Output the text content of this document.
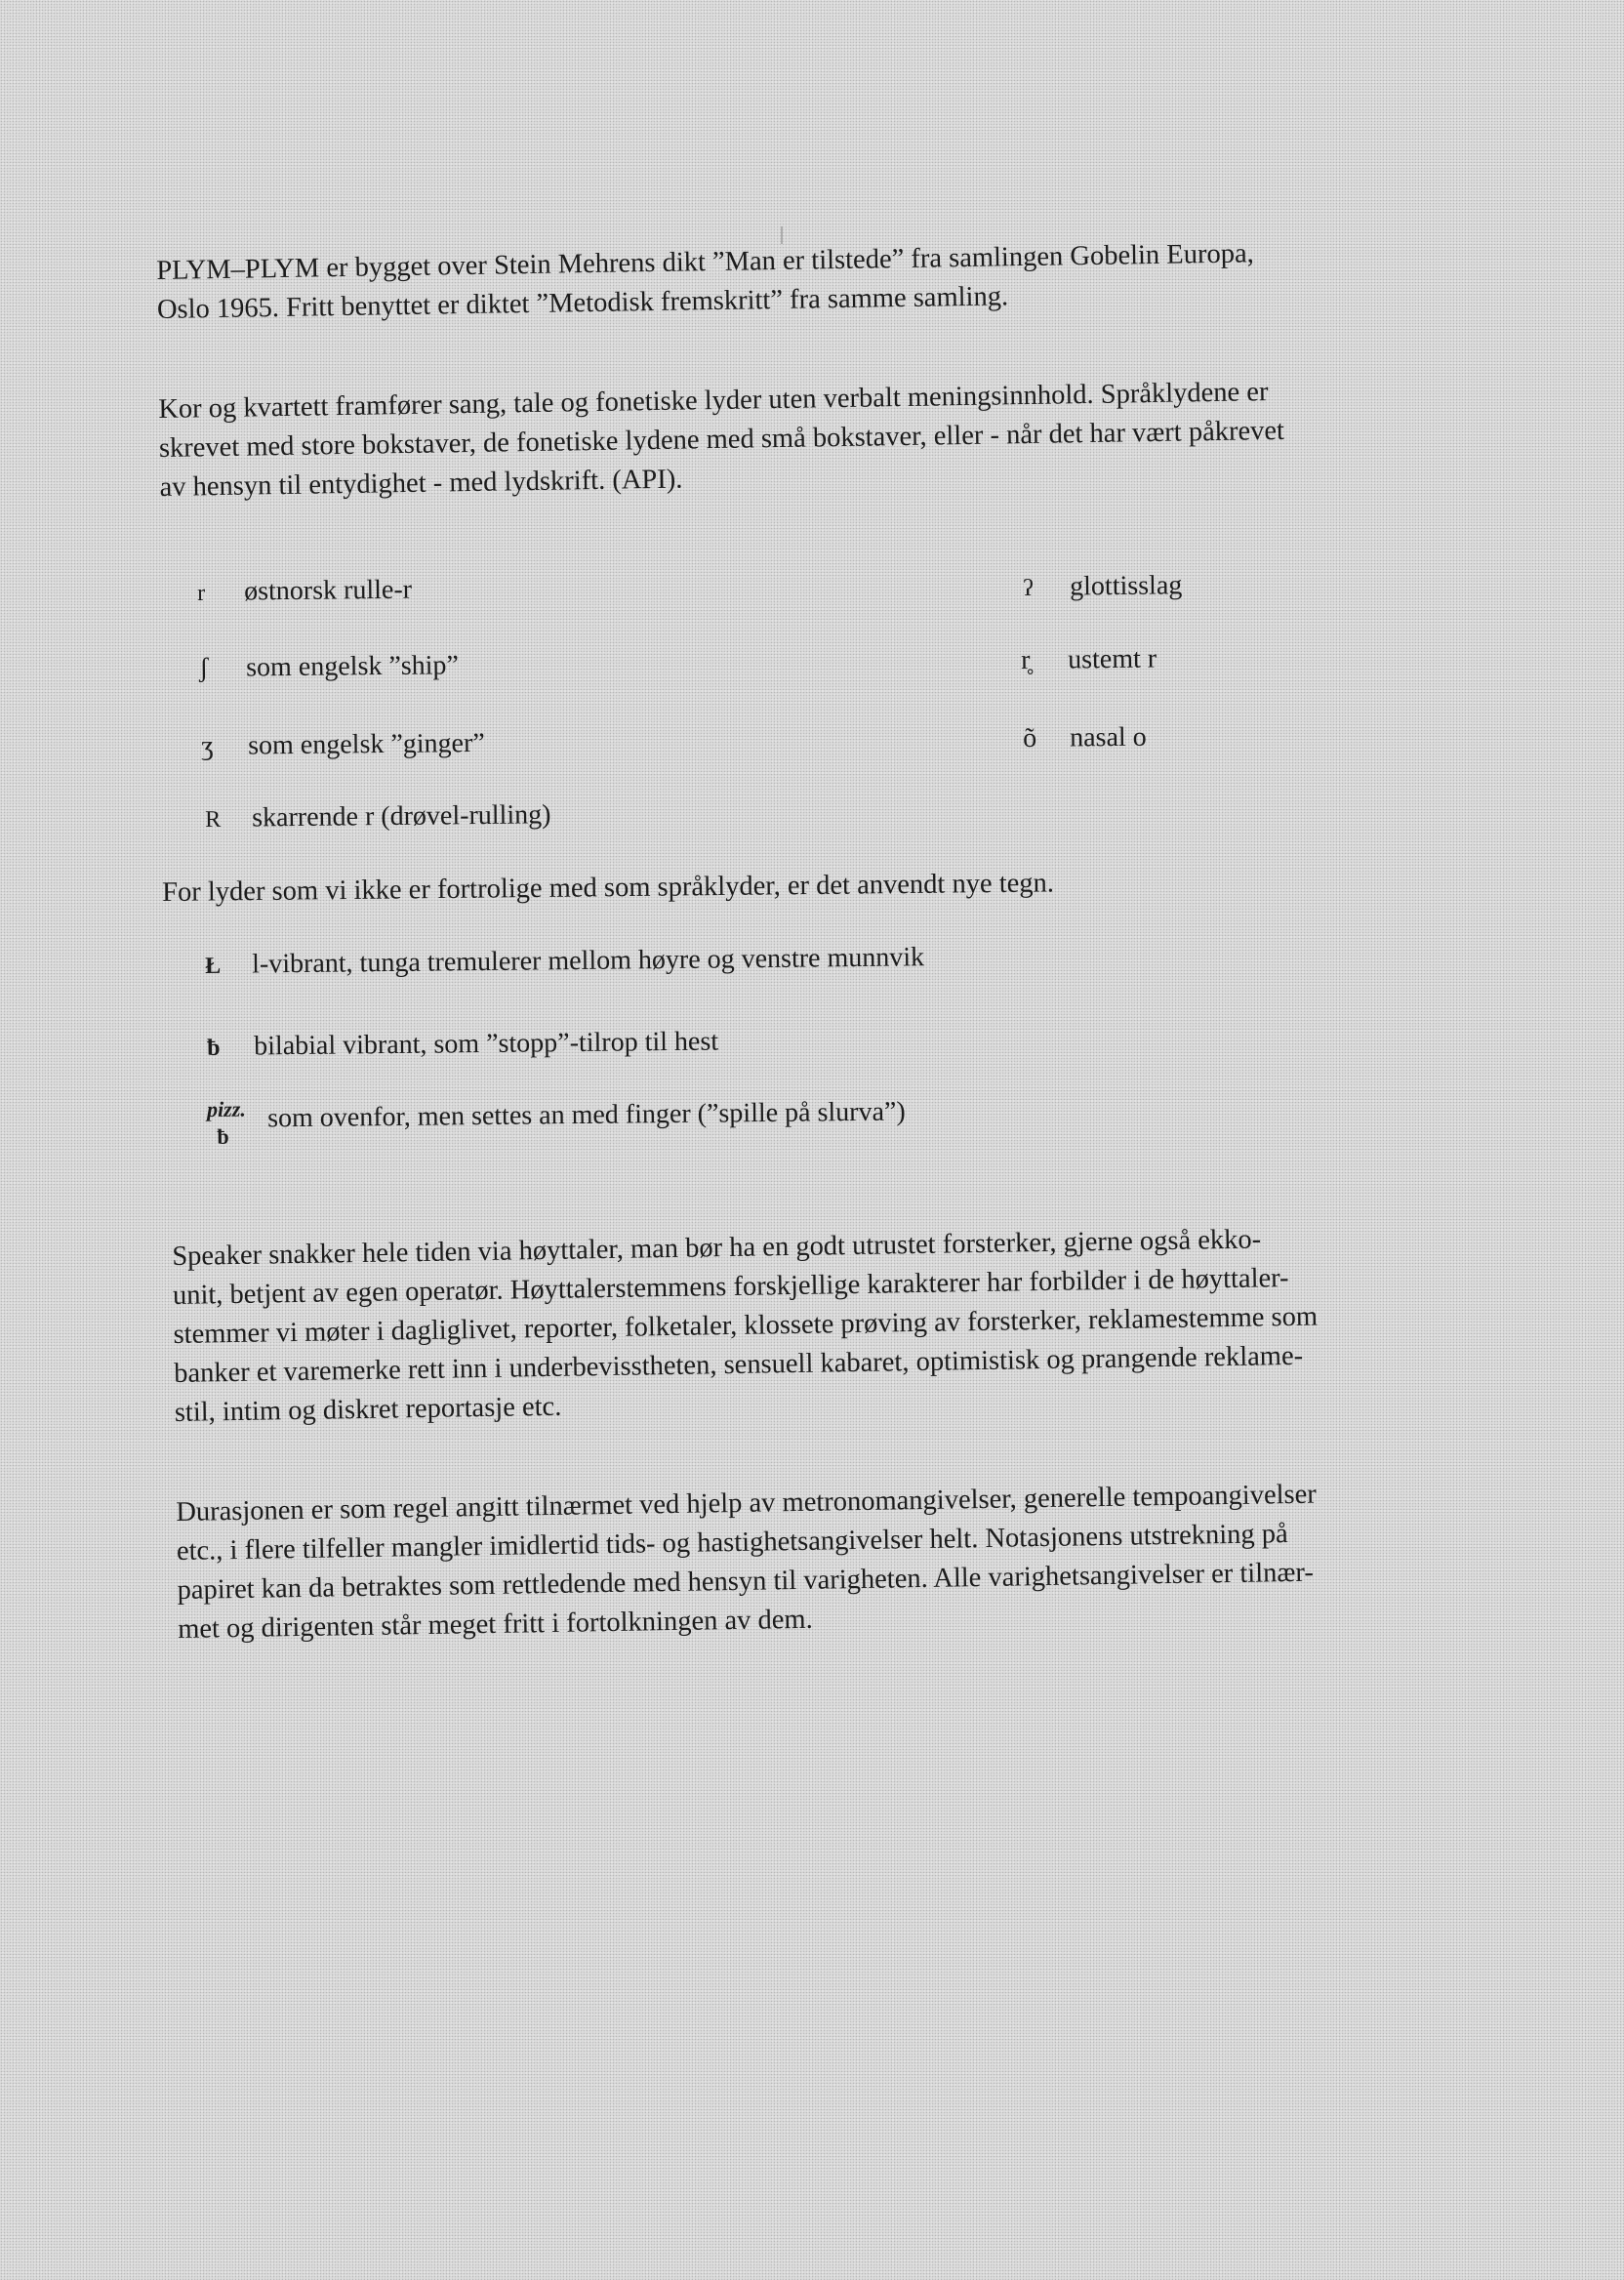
PLYM–PLYM er bygget over Stein Mehrens dikt ”Man er tilstede” fra samlingen Gobelin Europa,
Oslo 1965. Fritt benyttet er diktet ”Metodisk fremskritt” fra samme samling.
Kor og kvartett framfører sang, tale og fonetiske lyder uten verbalt meningsinnhold. Språklydene er
skrevet med store bokstaver, de fonetiske lydene med små bokstaver, eller - når det har vært påkrevet
av hensyn til entydighet - med lydskrift. (API).
r østnorsk rulle-r
ʃ som engelsk ”ship”
ʒ som engelsk ”ginger”
R skarrende r (drøvel-rulling)
ʔ glottisslag
r̥ ustemt r
õ nasal o
For lyder som vi ikke er fortrolige med som språklyder, er det anvendt nye tegn.
Ł l-vibrant, tunga tremulerer mellom høyre og venstre munnvik
ƀ bilabial vibrant, som ”stopp”-tilrop til hest
pizz.
ƀ
som ovenfor, men settes an med finger (”spille på slurva”)
Speaker snakker hele tiden via høyttaler, man bør ha en godt utrustet forsterker, gjerne også ekko-
unit, betjent av egen operatør. Høyttalerstemmens forskjellige karakterer har forbilder i de høyttaler-
stemmer vi møter i dagliglivet, reporter, folketaler, klossete prøving av forsterker, reklamestemme som
banker et varemerke rett inn i underbevisstheten, sensuell kabaret, optimistisk og prangende reklame-
stil, intim og diskret reportasje etc.
Durasjonen er som regel angitt tilnærmet ved hjelp av metronomangivelser, generelle tempoangivelser
etc., i flere tilfeller mangler imidlertid tids- og hastighetsangivelser helt. Notasjonens utstrekning på
papiret kan da betraktes som rettledende med hensyn til varigheten. Alle varighetsangivelser er tilnær-
met og dirigenten står meget fritt i fortolkningen av dem.
